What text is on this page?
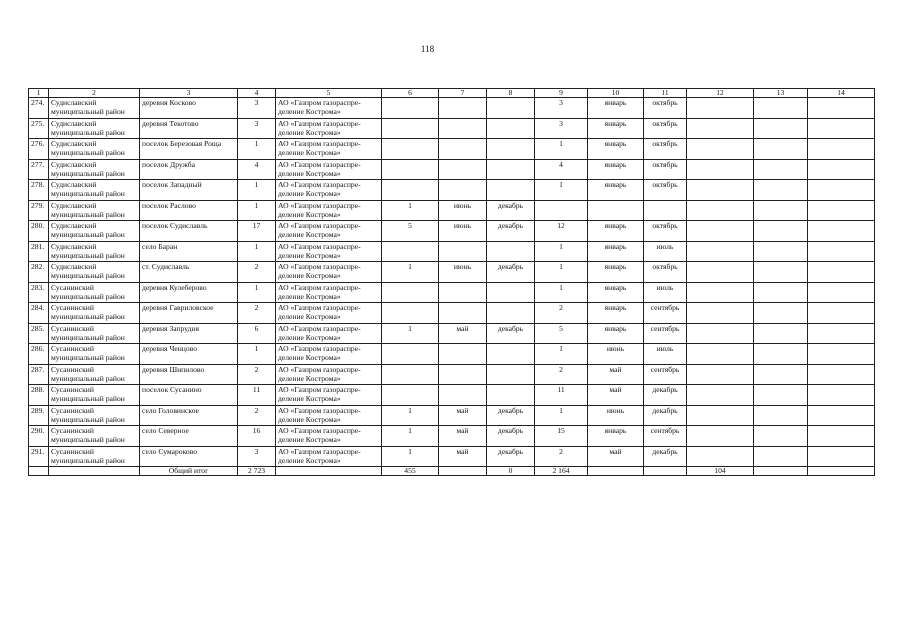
118
1	2	3	4	5	6	7	8	9	10	11	12	13	14
274.	Судиславский муниципальный район	деревня Косково	3	АО «Газпром газораспре-деление Кострома»				3	январь	октябрь			
275.	Судиславский муниципальный район	деревня Текотово	3	АО «Газпром газораспре-деление Кострома»				3	январь	октябрь			
276.	Судиславский муниципальный район	поселок Березовая Роща	1	АО «Газпром газораспре-деление Кострома»				1	январь	октябрь			
277.	Судиславский муниципальный район	поселок Дружба	4	АО «Газпром газораспре-деление Кострома»				4	январь	октябрь			
278.	Судиславский муниципальный район	поселок Западный	1	АО «Газпром газораспре-деление Кострома»				1	январь	октябрь			
279.	Судиславский муниципальный район	поселок Раслово	1	АО «Газпром газораспре-деление Кострома»	1	июнь	декабрь						
280.	Судиславский муниципальный район	поселок Судиславль	17	АО «Газпром газораспре-деление Кострома»	5	июнь	декабрь	12	январь	октябрь			
281.	Судиславский муниципальный район	село Баран	1	АО «Газпром газораспре-деление Кострома»				1	январь	июль			
282.	Судиславский муниципальный район	ст. Судиславль	2	АО «Газпром газораспре-деление Кострома»	1	июнь	декабрь	1	январь	октябрь			
283.	Сусанинский муниципальный район	деревня Кулеберово	1	АО «Газпром газораспре-деление Кострома»				1	январь	июль			
284.	Сусанинский муниципальный район	деревня Гавриловское	2	АО «Газпром газораспре-деление Кострома»				2	январь	сентябрь			
285.	Сусанинский муниципальный район	деревня Запрудня	6	АО «Газпром газораспре-деление Кострома»	1	май	декабрь	5	январь	сентябрь			
286.	Сусанинский муниципальный район	деревня Ченцово	1	АО «Газпром газораспре-деление Кострома»				1	июнь	июль			
287.	Сусанинский муниципальный район	деревня Шипилово	2	АО «Газпром газораспре-деление Кострома»				2	май	сентябрь			
288.	Сусанинский муниципальный район	поселок Сусанино	11	АО «Газпром газораспре-деление Кострома»				11	май	декабрь			
289.	Сусанинский муниципальный район	село Головинское	2	АО «Газпром газораспре-деление Кострома»	1	май	декабрь	1	июнь	декабрь			
290.	Сусанинский муниципальный район	село Северное	16	АО «Газпром газораспре-деление Кострома»	1	май	декабрь	15	январь	сентябрь			
291.	Сусанинский муниципальный район	село Сумароково	3	АО «Газпром газораспре-деление Кострома»	1	май	декабрь	2	май	декабрь			
		Общий итог	2 723		455		0	2 164			104		
